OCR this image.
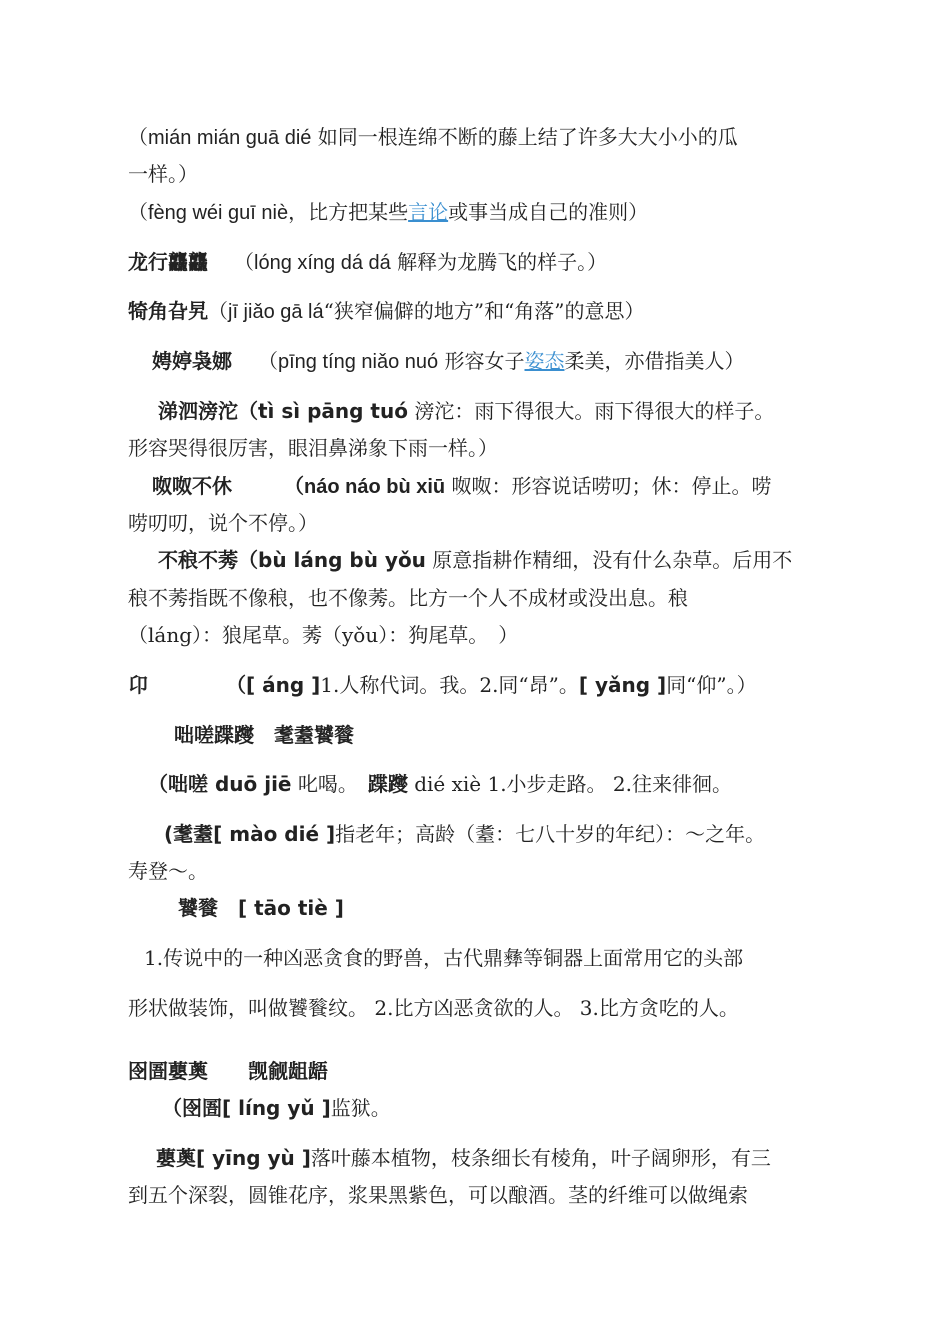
（mián mián guā dié 如同一根连绵不断的藤上结了许多大大小小的瓜
一样。）
（fèng wéi guī niè，比方把某些言论或事当成自己的准则）
龙行龘龘 （lóng xíng dá dá 解释为龙腾飞的样子。）
犄角旮旯（jī jiǎo gā lá“狭窄偏僻的地方”和“角落”的意思）
娉婷袅娜 （pīng tíng niǎo nuó 形容女子姿态柔美，亦借指美人）
涕泗滂沱（tì sì pāng tuó 滂沱：雨下得很大。雨下得很大的样子。
形容哭得很厉害，眼泪鼻涕象下雨一样。）
呶呶不休	（náo náo bù xiū 呶呶：形容说话唠叨；休：停止。唠
唠叨叨，说个不停。）
不稂不莠（bù láng bù yǒu 原意指耕作精细，没有什么杂草。后用不
稂不莠指既不像稂，也不像莠。比方一个人不成材或没出息。稂
（láng）：狼尾草。莠（yǒu）：狗尾草。　）
卬	（[ áng ]1.人称代词。我。2.同“昂”。[ yǎng ]同“仰”。）
咄嗟蹀躞　耄耋饕餮
（咄嗟 duō jiē 叱喝。　蹀躞 dié xiè 1.小步走路。 2.往来徘徊。
(耄耋[ mào dié ]指老年；高龄（耋：七八十岁的年纪）：～之年。
寿登～。
饕餮　[ tāo tiè ]
1.传说中的一种凶恶贪食的野兽，古代鼎彝等铜器上面常用它的头部
形状做装饰，叫做饕餮纹。 2.比方凶恶贪欲的人。 3.比方贪吃的人。
囹圄蘡薁　　觊觎龃龉
（囹圄[ líng yǔ ]监狱。
蘡薁[ yīng yù ]落叶藤本植物，枝条细长有棱角，叶子阔卵形，有三
到五个深裂，圆锥花序，浆果黑紫色，可以酿酒。茎的纤维可以做绳索
